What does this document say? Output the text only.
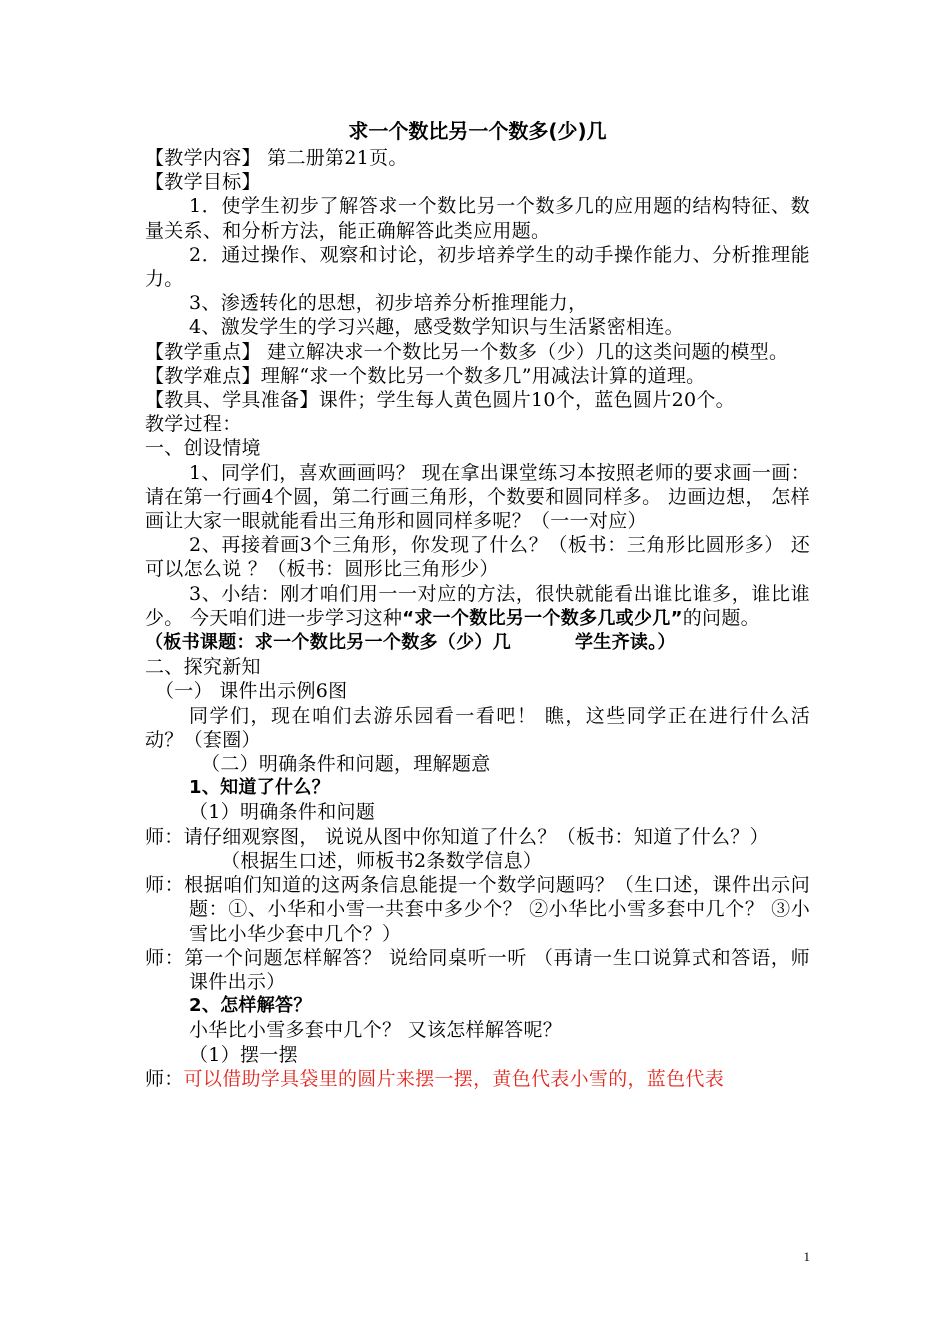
求一个数比另一个数多(少)几

【教学内容】 第二册第21页。

【教学目标】

1．使学生初步了解答求一个数比另一个数多几的应用题的结构特征、数量关系、和分析方法，能正确解答此类应用题。

2．通过操作、观察和讨论，初步培养学生的动手操作能力、分析推理能力。

3、渗透转化的思想，初步培养分析推理能力，

4、激发学生的学习兴趣，感受数学知识与生活紧密相连。

【教学重点】 建立解决求一个数比另一个数多（少）几的这类问题的模型。

【教学难点】理解“求一个数比另一个数多几”用减法计算的道理。

【教具、学具准备】课件；学生每人黄色圆片10个，蓝色圆片20个。

教学过程：

一、创设情境

1、同学们，喜欢画画吗？ 现在拿出课堂练习本按照老师的要求画一画：请在第一行画4个圆，第二行画三角形，个数要和圆同样多。 边画边想， 怎样画让大家一眼就能看出三角形和圆同样多呢？（一一对应）

2、再接着画3个三角形，你发现了什么？（板书：三角形比圆形多） 还可以怎么说 ？（板书：圆形比三角形少）

3、小结：刚才咱们用一一对应的方法，很快就能看出谁比谁多，谁比谁少。 今天咱们进一步学习这种“求一个数比另一个数多几或少几”的问题。

（板书课题：求一个数比另一个数多（少）几	学生齐读。）

二、探究新知

（一） 课件出示例6图

同学们，现在咱们去游乐园看一看吧！ 瞧，这些同学正在进行什么活动？（套圈）

（二）明确条件和问题，理解题意

1、知道了什么？

（1）明确条件和问题

师：请仔细观察图， 说说从图中你知道了什么？（板书：知道了什么？）

（根据生口述，师板书2条数学信息）

师：根据咱们知道的这两条信息能提一个数学问题吗？（生口述，课件出示问题：①、小华和小雪一共套中多少个？ ②小华比小雪多套中几个？ ③小雪比小华少套中几个？）

师：第一个问题怎样解答？ 说给同桌听一听 （再请一生口说算式和答语，师课件出示）

2、怎样解答？

小华比小雪多套中几个？ 又该怎样解答呢？

（1）摆一摆

师：可以借助学具袋里的圆片来摆一摆，黄色代表小雪的，蓝色代表

1
